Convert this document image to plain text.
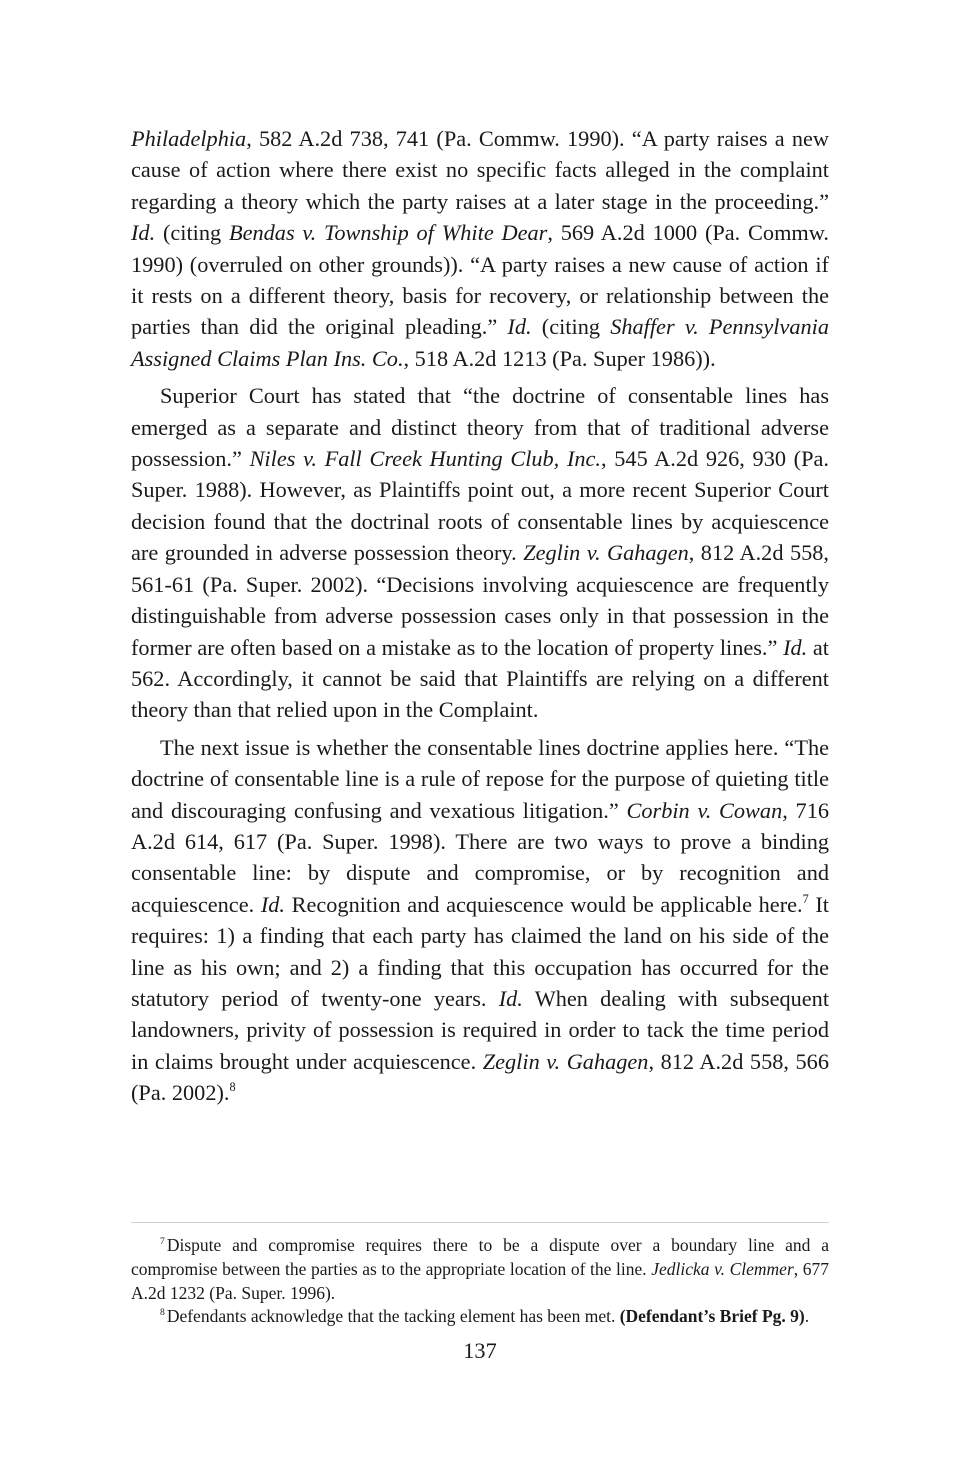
Philadelphia, 582 A.2d 738, 741 (Pa. Commw. 1990). “A party raises a new cause of action where there exist no specific facts alleged in the complaint regarding a theory which the party raises at a later stage in the proceeding.” Id. (citing Bendas v. Township of White Dear, 569 A.2d 1000 (Pa. Commw. 1990) (overruled on other grounds)). “A party raises a new cause of action if it rests on a different theory, basis for recovery, or relationship between the parties than did the original pleading.” Id. (citing Shaffer v. Pennsylvania Assigned Claims Plan Ins. Co., 518 A.2d 1213 (Pa. Super 1986)).

Superior Court has stated that “the doctrine of consentable lines has emerged as a separate and distinct theory from that of traditional adverse possession.” Niles v. Fall Creek Hunting Club, Inc., 545 A.2d 926, 930 (Pa. Super. 1988). However, as Plaintiffs point out, a more recent Superior Court decision found that the doctrinal roots of consentable lines by acquiescence are grounded in adverse possession theory. Zeglin v. Gahagen, 812 A.2d 558, 561-61 (Pa. Super. 2002). “Decisions involving acquiescence are frequently distinguishable from adverse possession cases only in that possession in the former are often based on a mistake as to the location of property lines.” Id. at 562. Accordingly, it cannot be said that Plaintiffs are relying on a different theory than that relied upon in the Complaint.

The next issue is whether the consentable lines doctrine applies here. “The doctrine of consentable line is a rule of repose for the purpose of quieting title and discouraging confusing and vexatious litigation.” Corbin v. Cowan, 716 A.2d 614, 617 (Pa. Super. 1998). There are two ways to prove a binding consentable line: by dispute and compromise, or by recognition and acquiescence. Id. Recognition and acquiescence would be applicable here.$^7$ It requires: 1) a finding that each party has claimed the land on his side of the line as his own; and 2) a finding that this occupation has occurred for the statutory period of twenty-one years. Id. When dealing with subsequent landowners, privity of possession is required in order to tack the time period in claims brought under acquiescence. Zeglin v. Gahagen, 812 A.2d 558, 566 (Pa. 2002).$^8$

$^7$ Dispute and compromise requires there to be a dispute over a boundary line and a compromise between the parties as to the appropriate location of the line. Jedlicka v. Clemmer, 677 A.2d 1232 (Pa. Super. 1996).

$^8$ Defendants acknowledge that the tacking element has been met. (Defendant’s Brief Pg. 9).

137
